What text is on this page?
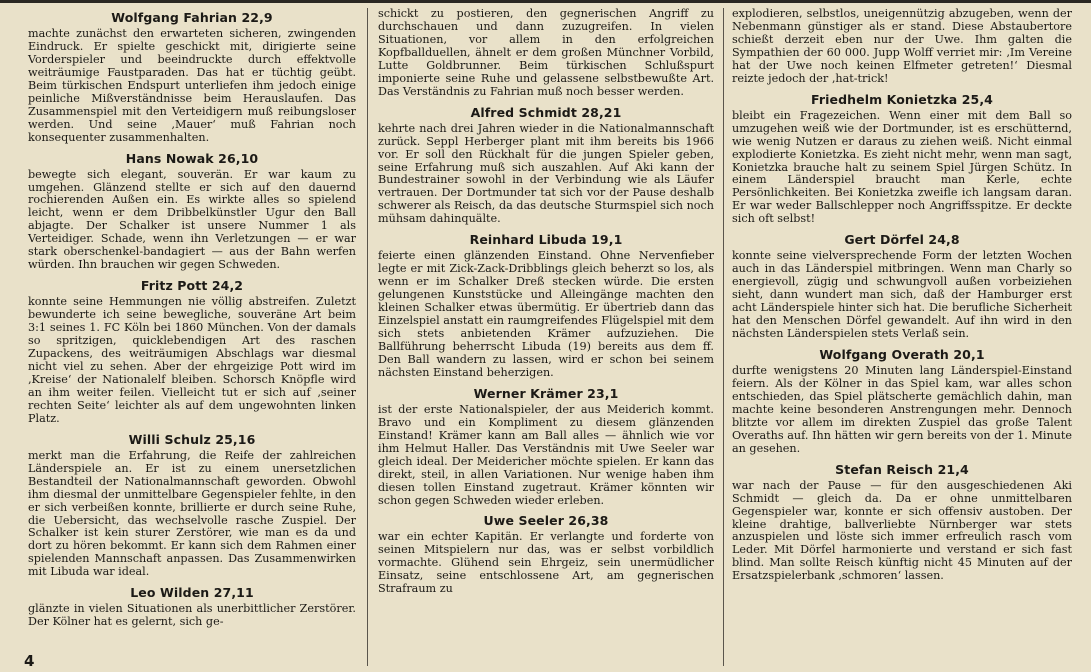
Wolfgang Fahrian 22,9

machte zunächst den erwarteten sicheren, zwingenden Eindruck. Er spielte geschickt mit, dirigierte seine Vorderspieler und beeindruckte durch effektvolle weiträumige Faustparaden. Das hat er tüchtig geübt. Beim türkischen Endspurt unterliefen ihm jedoch einige peinliche Mißverständnisse beim Herauslaufen. Das Zusammenspiel mit den Verteidigern muß reibungsloser werden. Und seine ‚Mauer‘ muß Fahrian noch konsequenter zusammenhalten.

Hans Nowak 26,10

bewegte sich elegant, souverän. Er war kaum zu umgehen. Glänzend stellte er sich auf den dauernd rochierenden Außen ein. Es wirkte alles so spielend leicht, wenn er dem Dribbelkünstler Ugur den Ball abjagte. Der Schalker ist unsere Nummer 1 als Verteidiger. Schade, wenn ihn Verletzungen — er war stark oberschenkel-bandagiert — aus der Bahn werfen würden. Ihn brauchen wir gegen Schweden.

Fritz Pott 24,2

konnte seine Hemmungen nie völlig abstreifen. Zuletzt bewunderte ich seine bewegliche, souveräne Art beim 3:1 seines 1. FC Köln bei 1860 München. Von der damals so spritzigen, quicklebendigen Art des raschen Zupackens, des weiträumigen Abschlags war diesmal nicht viel zu sehen. Aber der ehrgeizige Pott wird im ‚Kreise‘ der Nationalelf bleiben. Schorsch Knöpfle wird an ihm weiter feilen. Vielleicht tut er sich auf ‚seiner rechten Seite‘ leichter als auf dem ungewohnten linken Platz.

Willi Schulz 25,16

merkt man die Erfahrung, die Reife der zahlreichen Länderspiele an. Er ist zu einem unersetzlichen Bestandteil der Nationalmannschaft geworden. Obwohl ihm diesmal der unmittelbare Gegenspieler fehlte, in den er sich verbeißen konnte, brillierte er durch seine Ruhe, die Uebersicht, das wechselvolle rasche Zuspiel. Der Schalker ist kein sturer Zerstörer, wie man es da und dort zu hören bekommt. Er kann sich dem Rahmen einer spielenden Mannschaft anpassen. Das Zusammenwirken mit Libuda war ideal.

Leo Wilden 27,11

glänzte in vielen Situationen als unerbittlicher Zerstörer. Der Kölner hat es gelernt, sich ge-

schickt zu postieren, den gegnerischen Angriff zu durchschauen und dann zuzugreifen. In vielen Situationen, vor allem in den erfolgreichen Kopfballduellen, ähnelt er dem großen Münchner Vorbild, Lutte Goldbrunner. Beim türkischen Schlußspurt imponierte seine Ruhe und gelassene selbstbewußte Art. Das Verständnis zu Fahrian muß noch besser werden.

Alfred Schmidt 28,21

kehrte nach drei Jahren wieder in die Nationalmannschaft zurück. Seppl Herberger plant mit ihm bereits bis 1966 vor. Er soll den Rückhalt für die jungen Spieler geben, seine Erfahrung muß sich auszahlen. Auf Aki kann der Bundestrainer sowohl in der Verbindung wie als Läufer vertrauen. Der Dortmunder tat sich vor der Pause deshalb schwerer als Reisch, da das deutsche Sturmspiel sich noch mühsam dahinquälte.

Reinhard Libuda 19,1

feierte einen glänzenden Einstand. Ohne Nervenfieber legte er mit Zick-Zack-Dribblings gleich beherzt so los, als wenn er im Schalker Dreß stecken würde. Die ersten gelungenen Kunststücke und Alleingänge machten den kleinen Schalker etwas übermütig. Er übertrieb dann das Einzelspiel anstatt ein raumgreifendes Flügelspiel mit dem sich stets anbietenden Krämer aufzuziehen. Die Ballführung beherrscht Libuda (19) bereits aus dem ff. Den Ball wandern zu lassen, wird er schon bei seinem nächsten Einstand beherzigen.

Werner Krämer 23,1

ist der erste Nationalspieler, der aus Meiderich kommt. Bravo und ein Kompliment zu diesem glänzenden Einstand! Krämer kann am Ball alles — ähnlich wie vor ihm Helmut Haller. Das Verständnis mit Uwe Seeler war gleich ideal. Der Meidericher möchte spielen. Er kann das direkt, steil, in allen Variationen. Nur wenige haben ihm diesen tollen Einstand zugetraut. Krämer könnten wir schon gegen Schweden wieder erleben.

Uwe Seeler 26,38

war ein echter Kapitän. Er verlangte und forderte von seinen Mitspielern nur das, was er selbst vorbildlich vormachte. Glühend sein Ehrgeiz, sein unermüdlicher Einsatz, seine entschlossene Art, am gegnerischen Strafraum zu

explodieren, selbstlos, uneigennützig abzugeben, wenn der Nebenmann günstiger als er stand. Diese Abstaubertore schießt derzeit eben nur der Uwe. Ihm galten die Sympathien der 60 000. Jupp Wolff verriet mir: ‚Im Vereine hat der Uwe noch keinen Elfmeter getreten!‘ Diesmal reizte jedoch der ‚hat-trick!

Friedhelm Konietzka 25,4

bleibt ein Fragezeichen. Wenn einer mit dem Ball so umzugehen weiß wie der Dortmunder, ist es erschütternd, wie wenig Nutzen er daraus zu ziehen weiß. Nicht einmal explodierte Konietzka. Es zieht nicht mehr, wenn man sagt, Konietzka brauche halt zu seinem Spiel Jürgen Schütz. In einem Länderspiel braucht man Kerle, echte Persönlichkeiten. Bei Konietzka zweifle ich langsam daran. Er war weder Ballschlepper noch Angriffsspitze. Er deckte sich oft selbst!

Gert Dörfel 24,8

konnte seine vielversprechende Form der letzten Wochen auch in das Länderspiel mitbringen. Wenn man Charly so energievoll, zügig und schwungvoll außen vorbeiziehen sieht, dann wundert man sich, daß der Hamburger erst acht Länderspiele hinter sich hat. Die berufliche Sicherheit hat den Menschen Dörfel gewandelt. Auf ihn wird in den nächsten Länderspielen stets Verlaß sein.

Wolfgang Overath 20,1

durfte wenigstens 20 Minuten lang Länderspiel-Einstand feiern. Als der Kölner in das Spiel kam, war alles schon entschieden, das Spiel plätscherte gemächlich dahin, man machte keine besonderen Anstrengungen mehr. Dennoch blitzte vor allem im direkten Zuspiel das große Talent Overaths auf. Ihn hätten wir gern bereits von der 1. Minute an gesehen.

Stefan Reisch 21,4

war nach der Pause — für den ausgeschiedenen Aki Schmidt — gleich da. Da er ohne unmittelbaren Gegenspieler war, konnte er sich offensiv austoben. Der kleine drahtige, ballverliebte Nürnberger war stets anzuspielen und löste sich immer erfreulich rasch vom Leder. Mit Dörfel harmonierte und verstand er sich fast blind. Man sollte Reisch künftig nicht 45 Minuten auf der Ersatzspielerbank ‚schmoren‘ lassen.

4
